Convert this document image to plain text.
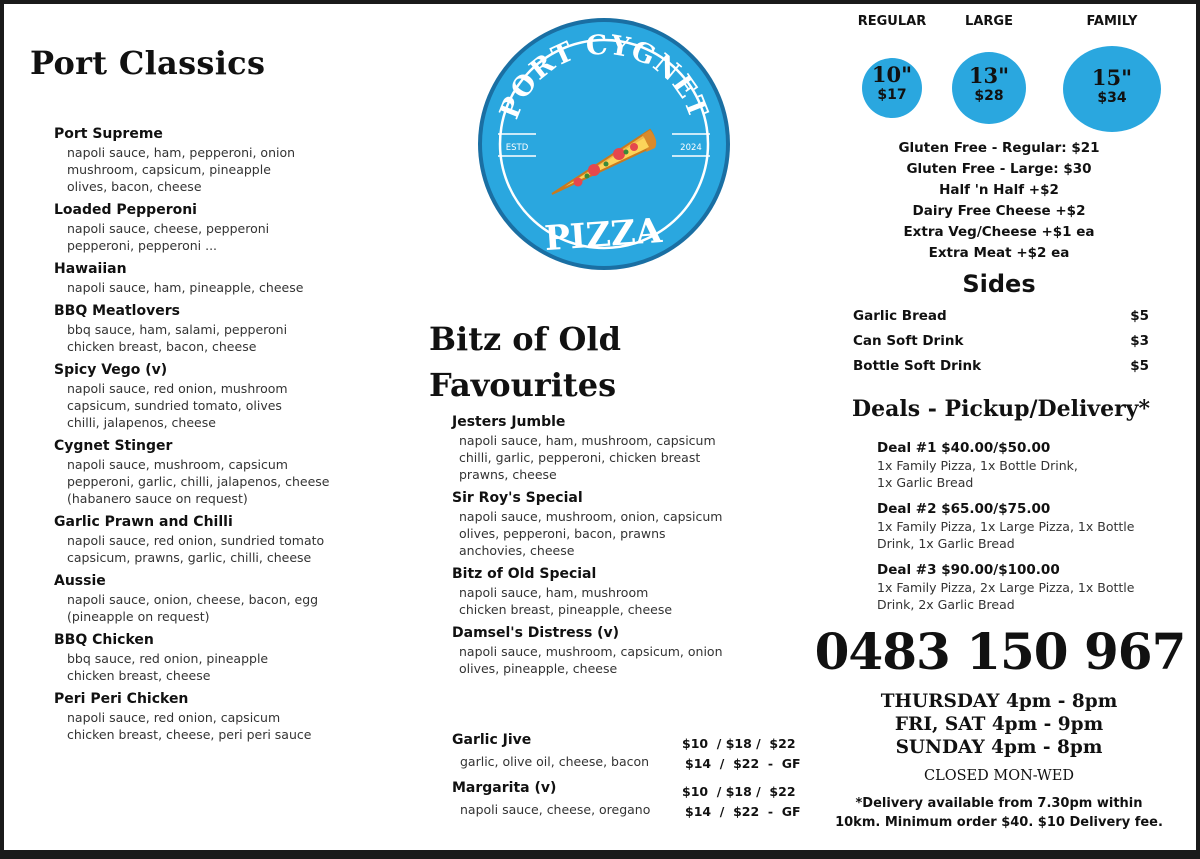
Port Classics
Port Supreme
napoli sauce, ham, pepperoni, onion
mushroom, capsicum, pineapple
olives, bacon, cheese
Loaded Pepperoni
napoli sauce, cheese, pepperoni
pepperoni, pepperoni ...
Hawaiian
napoli sauce, ham, pineapple, cheese
BBQ Meatlovers
bbq sauce, ham, salami, pepperoni
chicken breast, bacon, cheese
Spicy Vego (v)
napoli sauce, red onion, mushroom
capsicum, sundried tomato, olives
chilli, jalapenos, cheese
Cygnet Stinger
napoli sauce, mushroom, capsicum
pepperoni, garlic, chilli, jalapenos, cheese
(habanero sauce on request)
Garlic Prawn and Chilli
napoli sauce, red onion, sundried tomato
capsicum, prawns, garlic, chilli, cheese
Aussie
napoli sauce, onion, cheese, bacon, egg
(pineapple on request)
BBQ Chicken
bbq sauce, red onion, pineapple
chicken breast, cheese
Peri Peri Chicken
napoli sauce, red onion, capsicum
chicken breast, cheese, peri peri sauce
PORT CYGNET
PIZZA
ESTD	2024
Bitz of Old
Favourites
Jesters Jumble
napoli sauce, ham, mushroom, capsicum
chilli, garlic, pepperoni, chicken breast
prawns, cheese
Sir Roy's Special
napoli sauce, mushroom, onion, capsicum
olives, pepperoni, bacon, prawns
anchovies, cheese
Bitz of Old Special
napoli sauce, ham, mushroom
chicken breast, pineapple, cheese
Damsel's Distress (v)
napoli sauce, mushroom, capsicum, onion
olives, pineapple, cheese
Garlic Jive
garlic, olive oil, cheese, bacon
$10  / $18 /  $22
$14  /  $22  -  GF
Margarita (v)
napoli sauce, cheese, oregano
$10  / $18 /  $22
$14  /  $22  -  GF
REGULAR
10"
$17
LARGE
13"
$28
FAMILY
15"
$34
Gluten Free - Regular: $21
Gluten Free - Large: $30
Half 'n Half +$2
Dairy Free Cheese +$2
Extra Veg/Cheese +$1 ea
Extra Meat +$2 ea
Sides
Garlic Bread	$5
Can Soft Drink	$3
Bottle Soft Drink	$5
Deals - Pickup/Delivery*
Deal #1 $40.00/$50.00
1x Family Pizza, 1x Bottle Drink,
1x Garlic Bread
Deal #2 $65.00/$75.00
1x Family Pizza, 1x Large Pizza, 1x Bottle
Drink, 1x Garlic Bread
Deal #3 $90.00/$100.00
1x Family Pizza, 2x Large Pizza, 1x Bottle
Drink, 2x Garlic Bread
0483 150 967
THURSDAY 4pm - 8pm
FRI, SAT 4pm - 9pm
SUNDAY 4pm - 8pm
CLOSED MON-WED
*Delivery available from 7.30pm within
10km. Minimum order $40. $10 Delivery fee.
